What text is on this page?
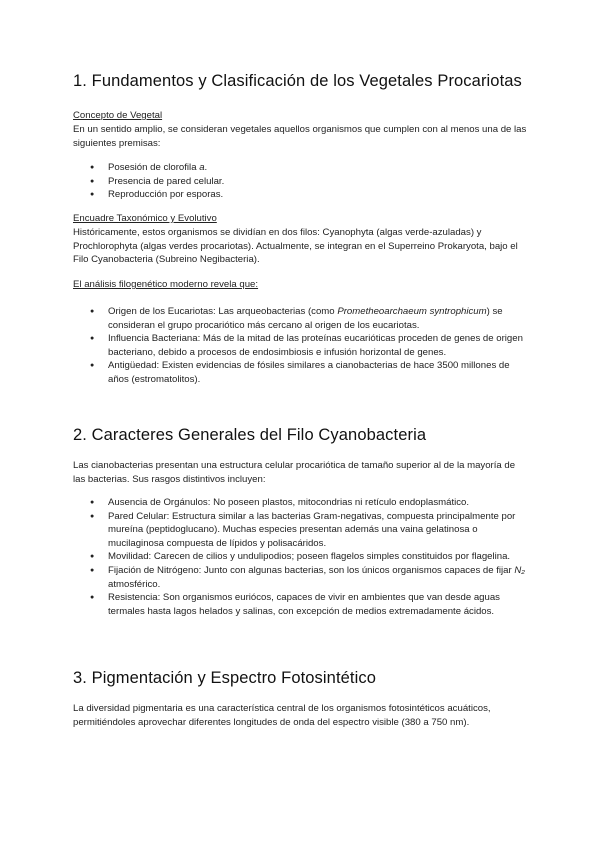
1. Fundamentos y Clasificación de los Vegetales Procariotas

Concepto de Vegetal

En un sentido amplio, se consideran vegetales aquellos organismos que cumplen con al menos una de las siguientes premisas:

● Posesión de clorofila a.
● Presencia de pared celular.
● Reproducción por esporas.

Encuadre Taxonómico y Evolutivo

Históricamente, estos organismos se dividían en dos filos: Cyanophyta (algas verde-azuladas) y Prochlorophyta (algas verdes procariotas). Actualmente, se integran en el Superreino Prokaryota, bajo el Filo Cyanobacteria (Subreino Negibacteria).

El análisis filogenético moderno revela que:

● Origen de los Eucariotas: Las arqueobacterias (como Prometheoarchaeum syntrophicum) se consideran el grupo procariótico más cercano al origen de los eucariotas.
● Influencia Bacteriana: Más de la mitad de las proteínas eucarióticas proceden de genes de origen bacteriano, debido a procesos de endosimbiosis e infusión horizontal de genes.
● Antigüedad: Existen evidencias de fósiles similares a cianobacterias de hace 3500 millones de años (estromatolitos).
2. Caracteres Generales del Filo Cyanobacteria

Las cianobacterias presentan una estructura celular procariótica de tamaño superior al de la mayoría de las bacterias. Sus rasgos distintivos incluyen:

● Ausencia de Orgánulos: No poseen plastos, mitocondrias ni retículo endoplasmático.
● Pared Celular: Estructura similar a las bacterias Gram-negativas, compuesta principalmente por mureína (peptidoglucano). Muchas especies presentan además una vaina gelatinosa o mucilaginosa compuesta de lípidos y polisacáridos.
● Movilidad: Carecen de cilios y undulipodios; poseen flagelos simples constituidos por flagelina.
● Fijación de Nitrógeno: Junto con algunas bacterias, son los únicos organismos capaces de fijar N₂ atmosférico.
● Resistencia: Son organismos euriócos, capaces de vivir en ambientes que van desde aguas termales hasta lagos helados y salinas, con excepción de medios extremadamente ácidos.
3. Pigmentación y Espectro Fotosintético

La diversidad pigmentaria es una característica central de los organismos fotosintéticos acuáticos, permitiéndoles aprovechar diferentes longitudes de onda del espectro visible (380 a 750 nm).
